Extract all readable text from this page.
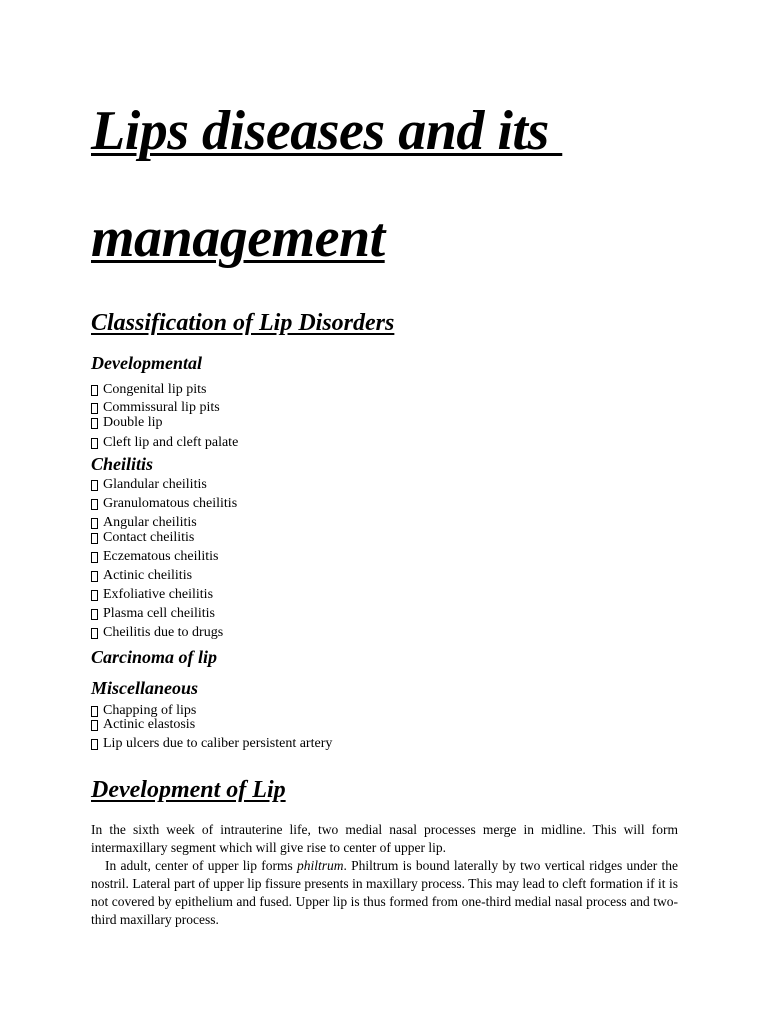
Lips diseases and its
management
Classification of Lip Disorders
Developmental
Congenital lip pits
Commissural lip pits
Double lip
Cleft lip and cleft palate
Cheilitis
Glandular cheilitis
Granulomatous cheilitis
Angular cheilitis
Contact cheilitis
Eczematous cheilitis
Actinic cheilitis
Exfoliative cheilitis
Plasma cell cheilitis
Cheilitis due to drugs
Carcinoma of lip
Miscellaneous
Chapping of lips
Actinic elastosis
Lip ulcers due to caliber persistent artery
Development of Lip

In the sixth week of intrauterine life, two medial nasal processes merge in midline. This will form intermaxillary segment which will give rise to center of upper lip.

In adult, center of upper lip forms philtrum. Philtrum is bound laterally by two vertical ridges under the nostril. Lateral part of upper lip fissure presents in maxillary process. This may lead to cleft formation if it is not covered by epithelium and fused. Upper lip is thus formed from one-third medial nasal process and two-third maxillary process.
